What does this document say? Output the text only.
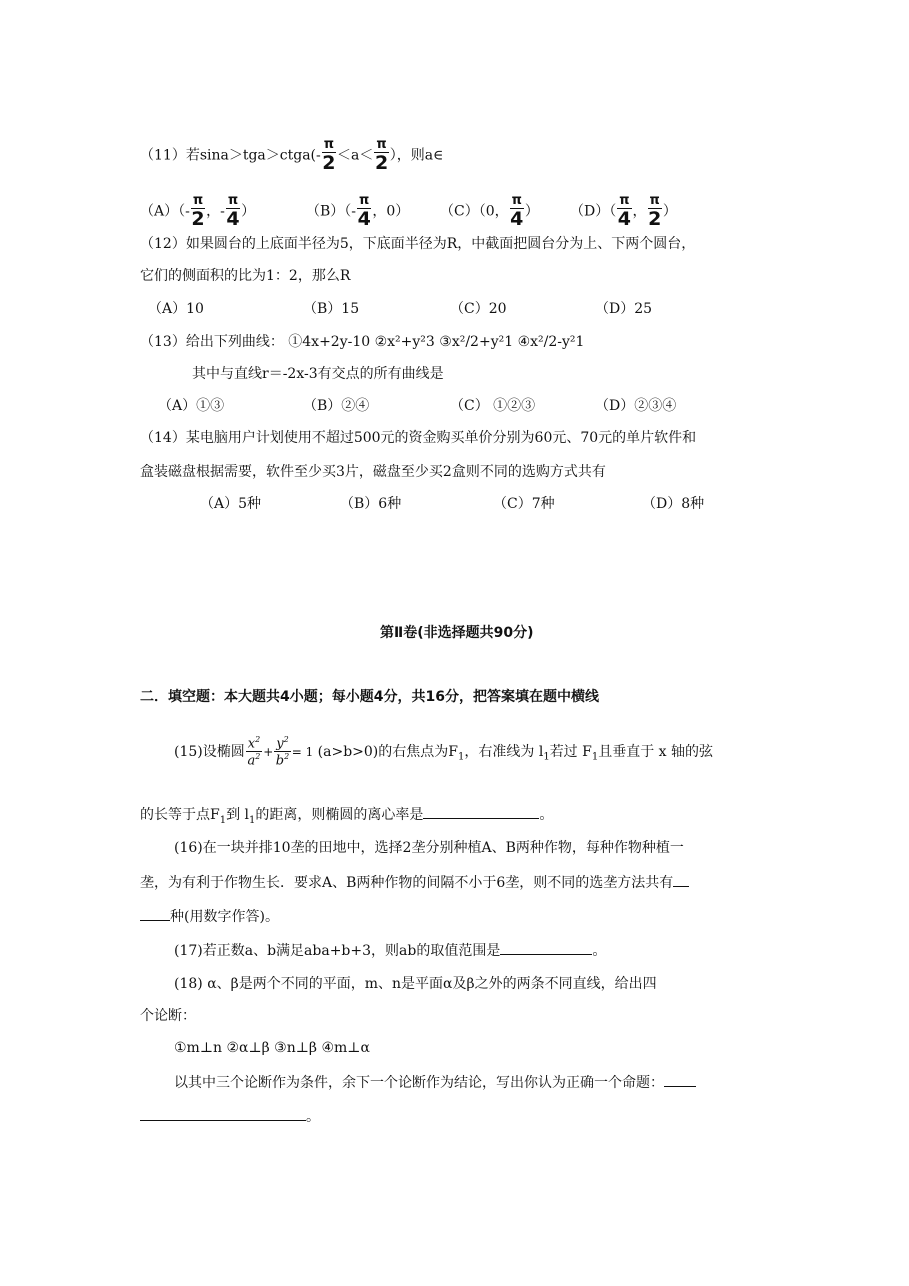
（11）若sina＞tga＞ctga(- $\frac{\pi}{2} <a< \frac{\pi}{2}$ ），则a∈
$(A)(- \frac{\pi}{2}$ ，- $\frac{\pi}{4}$ ）	$(B)(- \frac{\pi}{4}$ ，0） （C）（0， $\frac{\pi}{4}$ ） $(D)( \frac{\pi}{4}$ ， $\frac{\pi}{2}$ ）
（12）如果圆台的上底面半径为5，下底面半径为R，中截面把圆台分为上、下两个圆台，
它们的侧面积的比为1：2，那么R
（A）10	（B）15	（C）20	（D）25
（13）给出下列曲线： ①4x+2y-10 ②x²+y²3 ③x²/2+y²1 ④x²/2-y²1
其中与直线r＝-2x-3有交点的所有曲线是
（A）①③	（B）②④	（C） ①②③	（D）②③④
（14）某电脑用户计划使用不超过500元的资金购买单价分别为60元、70元的单片软件和
盒装磁盘根据需要，软件至少买3片，磁盘至少买2盒则不同的选购方式共有
（A）5种	（B）6种	（C）7种	（D）8种
第Ⅱ卷(非选择题共90分)
二．填空题：本大题共4小题；每小题4分，共16分，把答案填在题中横线
(15)设椭圆 $\frac{x^2}{a^2} + \frac{y^2}{b^2} = 1$ (a>b>0)的右焦点为$F_1$，右准线为 $l_1$若过 $F_1$且垂直于 x 轴的弦
的长等于点$F_1$到 $l_1$的距离，则椭圆的离心率是	。
(16)在一块并排10垄的田地中，选择2垄分别种植A、B两种作物，每种作物种植一
垄，为有利于作物生长．要求A、B两种作物的间隔不小于6垄，则不同的选垄方法共有
种(用数字作答)。
(17)若正数a、b满足aba+b+3，则ab的取值范围是	。
(18) α、β是两个不同的平面，m、n是平面α及β之外的两条不同直线，给出四
个论断：
①m⊥n ②α⊥β ③n⊥β ④m⊥α
以其中三个论断作为条件，余下一个论断作为结论，写出你认为正确一个命题：
。
